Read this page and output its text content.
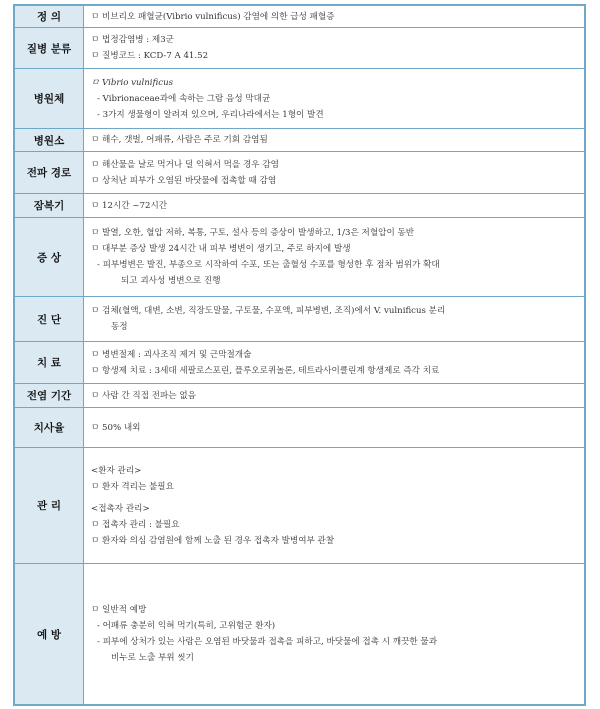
정 의	ㅁ 비브리오 패혈균(Vibrio vulnificus) 감염에 의한 급성 패혈증

질병 분류	ㅁ 법정감염병 : 제3군
ㅁ 질병코드 : KCD-7 A 41.52

병원체	ㅁ Vibrio vulnificus
- Vibrionaceae과에 속하는 그람 음성 막대균
- 3가지 생물형이 알려져 있으며, 우리나라에서는 1형이 발견

병원소	ㅁ 해수, 갯벌, 어패류, 사람은 주로 기회 감염됨

전파 경로	ㅁ 해산물을 날로 먹거나 덜 익혀서 먹을 경우 감염
ㅁ 상처난 피부가 오염된 바닷물에 접촉할 때 감염

잠복기	ㅁ 12시간 ~72시간

증 상	ㅁ 발열, 오한, 혈압 저하, 복통, 구토, 설사 등의 증상이 발생하고, 1/3은 저혈압이 동반
ㅁ 대부분 증상 발생 24시간 내 피부 병변이 생기고, 주로 하지에 발생
- 피부병변은 발진, 부종으로 시작하여 수포, 또는 출혈성 수포를 형성한 후 점차 범위가 확대
되고 괴사성 병변으로 진행

진 단	ㅁ 검체(혈액, 대변, 소변, 직장도말물, 구토물, 수포액, 피부병변, 조직)에서 V. vulnificus 분리
동정

치 료	ㅁ 병변절제 : 괴사조직 제거 및 근막절개술
ㅁ 항생제 치료 : 3세대 세팔로스포린, 플루오로퀴놀론, 테트라사이클린계 항생제로 즉각 치료

전염 기간	ㅁ 사람 간 직접 전파는 없음

치사율	ㅁ 50% 내외

관 리	<환자 관리>
ㅁ 환자 격리는 불필요
<접촉자 관리>
ㅁ 접촉자 관리 : 불필요
ㅁ 환자와 의심 감염원에 함께 노출 된 경우 접촉자 발병여부 관찰

예 방	ㅁ 일반적 예방
- 어패류 충분히 익혀 먹기(특히, 고위험군 환자)
- 피부에 상처가 있는 사람은 오염된 바닷물과 접촉을 피하고, 바닷물에 접촉 시 깨끗한 물과
비누로 노출 부위 씻기
